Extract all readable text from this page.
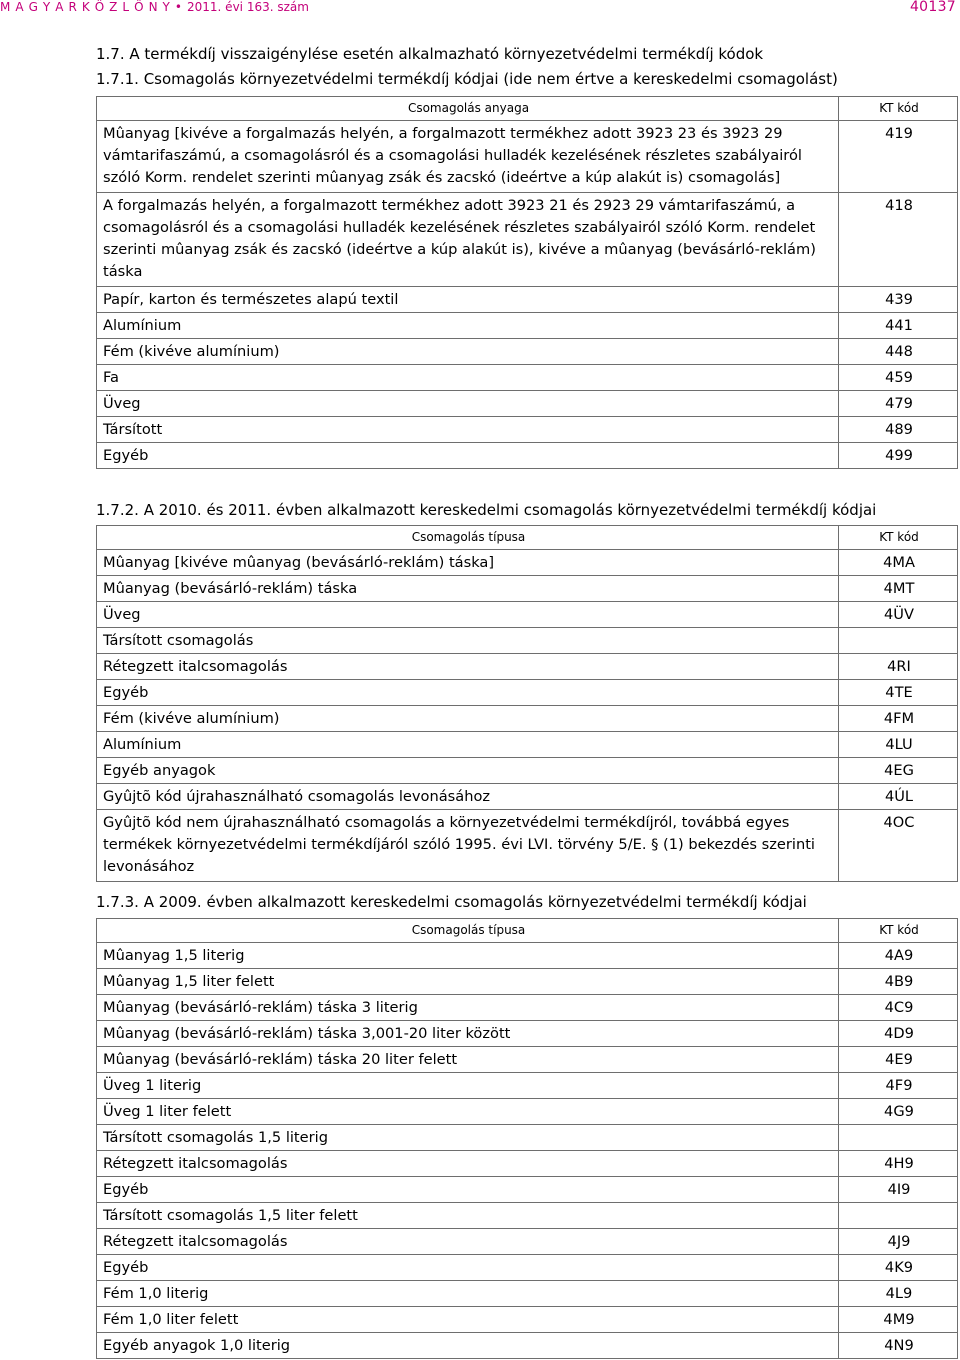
M A G Y A R K Ö Z L Ö N Y • 2011. évi 163. szám	40137
1.7. A termékdíj visszaigénylése esetén alkalmazható környezetvédelmi termékdíj kódok
1.7.1. Csomagolás környezetvédelmi termékdíj kódjai (ide nem értve a kereskedelmi csomagolást)
Csomagolás anyaga	KT kód
Mûanyag [kivéve a forgalmazás helyén, a forgalmazott termékhez adott 3923 23 és 3923 29 vámtarifaszámú, a csomagolásról és a csomagolási hulladék kezelésének részletes szabályairól szóló Korm. rendelet szerinti mûanyag zsák és zacskó (ideértve a kúp alakút is) csomagolás]	419
A forgalmazás helyén, a forgalmazott termékhez adott 3923 21 és 2923 29 vámtarifaszámú, a csomagolásról és a csomagolási hulladék kezelésének részletes szabályairól szóló Korm. rendelet szerinti mûanyag zsák és zacskó (ideértve a kúp alakút is), kivéve a mûanyag (bevásárló-reklám) táska	418
Papír, karton és természetes alapú textil	439
Alumínium	441
Fém (kivéve alumínium)	448
Fa	459
Üveg	479
Társított	489
Egyéb	499
1.7.2. A 2010. és 2011. évben alkalmazott kereskedelmi csomagolás környezetvédelmi termékdíj kódjai
Csomagolás típusa	KT kód
Mûanyag [kivéve mûanyag (bevásárló-reklám) táska]	4MA
Mûanyag (bevásárló-reklám) táska	4MT
Üveg	4ÜV
Társított csomagolás	
Rétegzett italcsomagolás	4RI
Egyéb	4TE
Fém (kivéve alumínium)	4FM
Alumínium	4LU
Egyéb anyagok	4EG
Gyûjtõ kód újrahasználható csomagolás levonásához	4ÚL
Gyûjtõ kód nem újrahasználható csomagolás a környezetvédelmi termékdíjról, továbbá egyes termékek környezetvédelmi termékdíjáról szóló 1995. évi LVI. törvény 5/E. § (1) bekezdés szerinti levonásához	4OC
1.7.3. A 2009. évben alkalmazott kereskedelmi csomagolás környezetvédelmi termékdíj kódjai
Csomagolás típusa	KT kód
Mûanyag 1,5 literig	4A9
Mûanyag 1,5 liter felett	4B9
Mûanyag (bevásárló-reklám) táska 3 literig	4C9
Mûanyag (bevásárló-reklám) táska 3,001-20 liter között	4D9
Mûanyag (bevásárló-reklám) táska 20 liter felett	4E9
Üveg 1 literig	4F9
Üveg 1 liter felett	4G9
Társított csomagolás 1,5 literig	
Rétegzett italcsomagolás	4H9
Egyéb	4I9
Társított csomagolás 1,5 liter felett	
Rétegzett italcsomagolás	4J9
Egyéb	4K9
Fém 1,0 literig	4L9
Fém 1,0 liter felett	4M9
Egyéb anyagok 1,0 literig	4N9
